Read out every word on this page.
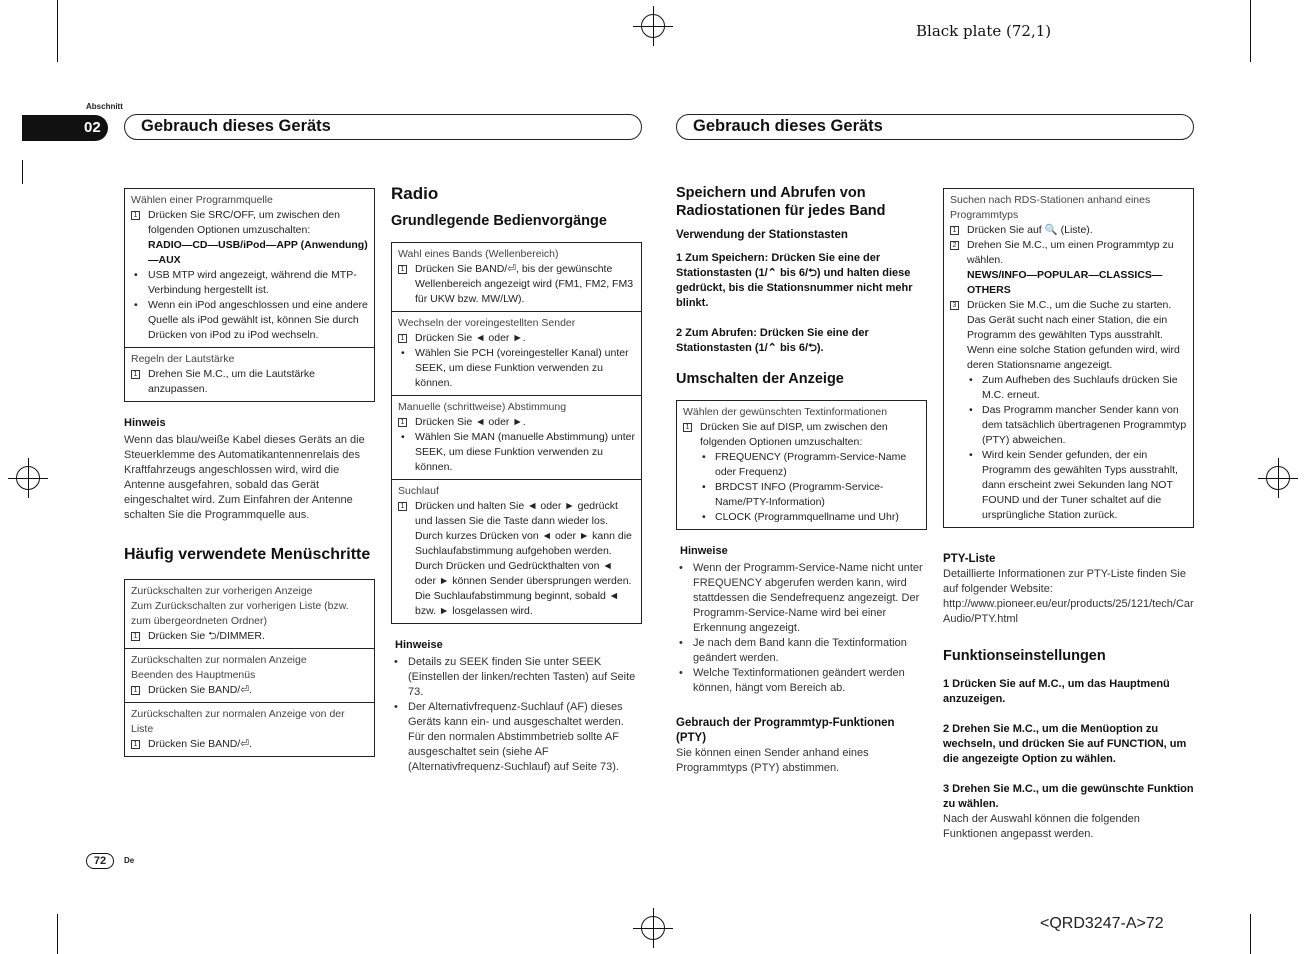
Black plate (72,1)
<QRD3247-A>72
Abschnitt
02	Gebrauch dieses Geräts	Gebrauch dieses Geräts
Wählen einer Programmquelle
1 Drücken Sie SRC/OFF, um zwischen den folgenden Optionen umzuschalten:
RADIO—CD—USB/iPod—APP (Anwendung)—AUX
• USB MTP wird angezeigt, während die MTP-Verbindung hergestellt ist.
• Wenn ein iPod angeschlossen und eine andere Quelle als iPod gewählt ist, können Sie durch Drücken von iPod zu iPod wechseln.
Regeln der Lautstärke
1 Drehen Sie M.C., um die Lautstärke anzupassen.
Hinweis
Wenn das blau/weiße Kabel dieses Geräts an die Steuerklemme des Automatikantennenrelais des Kraftfahrzeugs angeschlossen wird, wird die Antenne ausgefahren, sobald das Gerät eingeschaltet wird. Zum Einfahren der Antenne schalten Sie die Programmquelle aus.
Häufig verwendete Menüschritte
Zurückschalten zur vorherigen Anzeige
Zum Zurückschalten zur vorherigen Liste (bzw. zum übergeordneten Ordner)
1 Drücken Sie ⮌/DIMMER.
Zurückschalten zur normalen Anzeige
Beenden des Hauptmenüs
1 Drücken Sie BAND/⏎.
Zurückschalten zur normalen Anzeige von der Liste
1 Drücken Sie BAND/⏎.
Radio
Grundlegende Bedienvorgänge
Wahl eines Bands (Wellenbereich)
1 Drücken Sie BAND/⏎, bis der gewünschte Wellenbereich angezeigt wird (FM1, FM2, FM3 für UKW bzw. MW/LW).
Wechseln der voreingestellten Sender
1 Drücken Sie ◄ oder ►.
• Wählen Sie PCH (voreingesteller Kanal) unter SEEK, um diese Funktion verwenden zu können.
Manuelle (schrittweise) Abstimmung
1 Drücken Sie ◄ oder ►.
• Wählen Sie MAN (manuelle Abstimmung) unter SEEK, um diese Funktion verwenden zu können.
Suchlauf
1 Drücken und halten Sie ◄ oder ► gedrückt und lassen Sie die Taste dann wieder los. Durch kurzes Drücken von ◄ oder ► kann die Suchlaufabstimmung aufgehoben werden. Durch Drücken und Gedrückthalten von ◄ oder ► können Sender übersprungen werden. Die Suchlaufabstimmung beginnt, sobald ◄ bzw. ► losgelassen wird.
Hinweise
• Details zu SEEK finden Sie unter SEEK (Einstellen der linken/rechten Tasten) auf Seite 73.
• Der Alternativfrequenz-Suchlauf (AF) dieses Geräts kann ein- und ausgeschaltet werden. Für den normalen Abstimmbetrieb sollte AF ausgeschaltet sein (siehe AF (Alternativfrequenz-Suchlauf) auf Seite 73).
Speichern und Abrufen von Radiostationen für jedes Band
Verwendung der Stationstasten
1 Zum Speichern: Drücken Sie eine der Stationstasten (1/⌃ bis 6/⮌) und halten diese gedrückt, bis die Stationsnummer nicht mehr blinkt.
2 Zum Abrufen: Drücken Sie eine der Stationstasten (1/⌃ bis 6/⮌).
Umschalten der Anzeige
Wählen der gewünschten Textinformationen
1 Drücken Sie auf DISP, um zwischen den folgenden Optionen umzuschalten:
• FREQUENCY (Programm-Service-Name oder Frequenz)
• BRDCST INFO (Programm-Service-Name/PTY-Information)
• CLOCK (Programmquellname und Uhr)
Hinweise
• Wenn der Programm-Service-Name nicht unter FREQUENCY abgerufen werden kann, wird stattdessen die Sendefrequenz angezeigt. Der Programm-Service-Name wird bei einer Erkennung angezeigt.
• Je nach dem Band kann die Textinformation geändert werden.
• Welche Textinformationen geändert werden können, hängt vom Bereich ab.
Gebrauch der Programmtyp-Funktionen (PTY)
Sie können einen Sender anhand eines Programmtyps (PTY) abstimmen.
Suchen nach RDS-Stationen anhand eines Programmtyps
1 Drücken Sie auf 🔍 (Liste).
2 Drehen Sie M.C., um einen Programmtyp zu wählen.
NEWS/INFO—POPULAR—CLASSICS—OTHERS
3 Drücken Sie M.C., um die Suche zu starten. Das Gerät sucht nach einer Station, die ein Programm des gewählten Typs ausstrahlt. Wenn eine solche Station gefunden wird, wird deren Stationsname angezeigt.
• Zum Aufheben des Suchlaufs drücken Sie M.C. erneut.
• Das Programm mancher Sender kann von dem tatsächlich übertragenen Programmtyp (PTY) abweichen.
• Wird kein Sender gefunden, der ein Programm des gewählten Typs ausstrahlt, dann erscheint zwei Sekunden lang NOT FOUND und der Tuner schaltet auf die ursprüngliche Station zurück.
PTY-Liste
Detaillierte Informationen zur PTY-Liste finden Sie auf folgender Website:
http://www.pioneer.eu/eur/products/25/121/tech/CarAudio/PTY.html
Funktionseinstellungen
1 Drücken Sie auf M.C., um das Hauptmenü anzuzeigen.
2 Drehen Sie M.C., um die Menüoption zu wechseln, und drücken Sie auf FUNCTION, um die angezeigte Option zu wählen.
3 Drehen Sie M.C., um die gewünschte Funktion zu wählen.
Nach der Auswahl können die folgenden Funktionen angepasst werden.
72	De
